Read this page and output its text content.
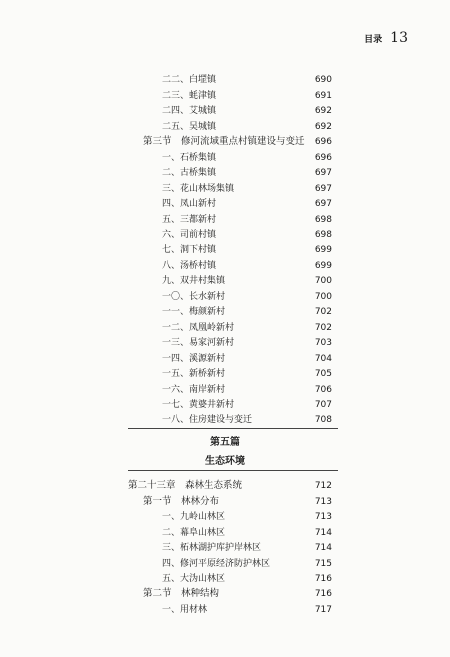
目录 13
二二、白堽镇	690
二三、蚝津镇	691
二四、艾城镇	692
二五、吴城镇	692
第三节　修河流域重点村镇建设与变迁 696
一、石桥集镇	696
二、古桥集镇	697
三、花山林场集镇	697
四、凤山新村	697
五、三都新村	698
六、司前村镇	698
七、洞下村镇	699
八、汤桥村镇	699
九、双井村集镇	700
一〇、长水新村	700
一一、梅颜新村	702
一二、凤凰岭新村	702
一三、易家河新村	703
一四、溪源新村	704
一五、新桥新村	705
一六、南岸新村	706
一七、黄婆井新村	707
一八、住房建设与变迁	708
第五篇
生态环境
第二十三章　森林生态系统	712
第一节　林林分布	713
一、九岭山林区	713
二、幕阜山林区	714
三、柘林湖护库护岸林区	714
四、修河平原经济防护林区	715
五、大沩山林区	716
第二节　林种结构	716
一、用材林	717
